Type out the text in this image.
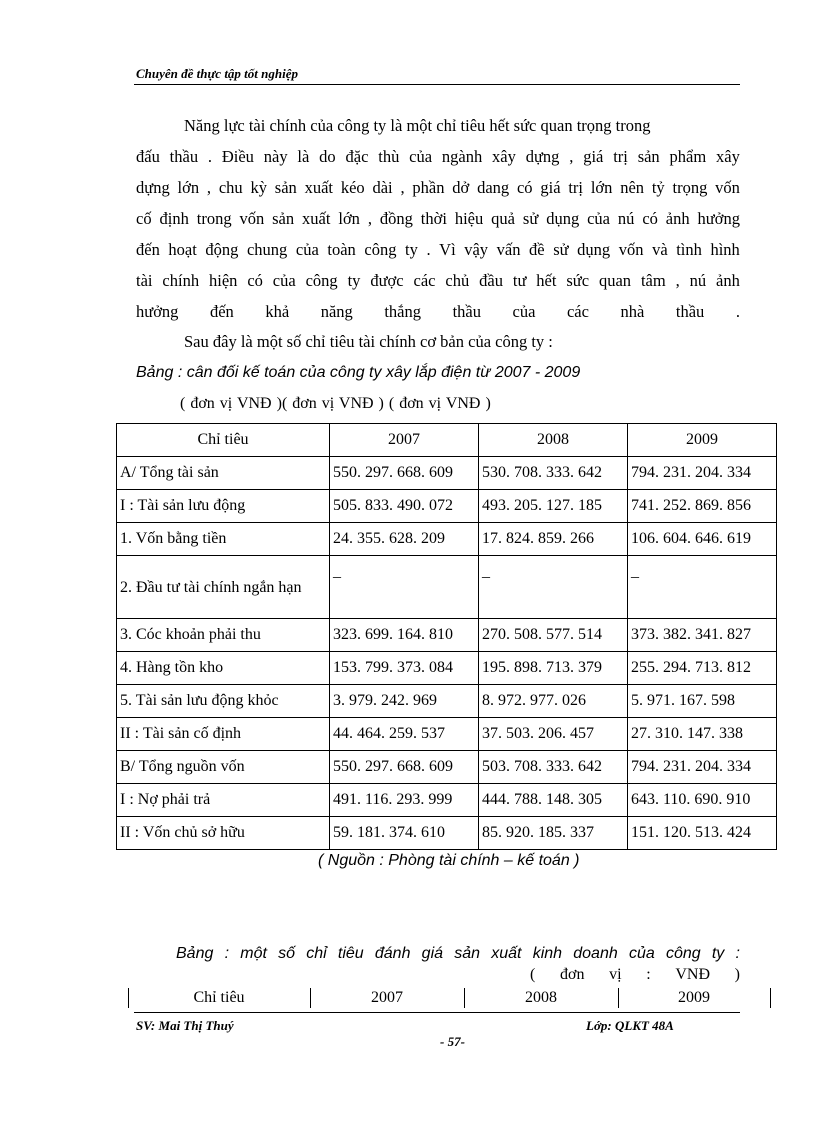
Chuyên đề thực tập tốt nghiệp
Năng lực tài chính của công ty là một chỉ tiêu hết sức quan trọng trong
đấu thầu . Điều này là do đặc thù của ngành xây dựng , giá trị sản phẩm xây
dựng lớn , chu kỳ sản xuất kéo dài , phần dở dang có giá trị lớn nên tỷ trọng vốn
cố định trong vốn sản xuất lớn , đồng thời hiệu quả sử dụng của nú có ảnh hưởng
đến hoạt động chung của toàn công ty . Vì vậy vấn đề sử dụng vốn và tình hình
tài chính hiện có của công ty được các chủ đầu tư hết sức quan tâm , nú ảnh
hưởng đến khả năng thắng thầu của các nhà thầu .
Sau đây là một số chỉ tiêu tài chính cơ bản của công ty :
Bảng : cân đối kế toán của công ty xây lắp điện từ 2007 - 2009
( đơn vị VNĐ )( đơn vị VNĐ ) ( đơn vị VNĐ )
Chỉ tiêu	2007	2008	2009
A/ Tổng tài sản	550. 297. 668. 609	530. 708. 333. 642	794. 231. 204. 334
I : Tài sản lưu động	505. 833. 490. 072	493. 205. 127. 185	741. 252. 869. 856
1. Vốn bằng tiền	24. 355. 628. 209	17. 824. 859. 266	106. 604. 646. 619
2. Đầu tư tài chính ngắn hạn	_	_	_
3. Cóc khoản phải thu	323. 699. 164. 810	270. 508. 577. 514	373. 382. 341. 827
4. Hàng tồn kho	153. 799. 373. 084	195. 898. 713. 379	255. 294. 713. 812
5. Tài sản lưu động khỏc	3. 979. 242. 969	8. 972. 977. 026	5. 971. 167. 598
II : Tài sản cố định	44. 464. 259. 537	37. 503. 206. 457	27. 310. 147. 338
B/ Tổng nguồn vốn	550. 297. 668. 609	503. 708. 333. 642	794. 231. 204. 334
I : Nợ phải trả	491. 116. 293. 999	444. 788. 148. 305	643. 110. 690. 910
II : Vốn chủ sở hữu	59. 181. 374. 610	85. 920. 185. 337	151. 120. 513. 424
( Nguồn : Phòng tài chính – kế toán )
Bảng : một số chỉ tiêu đánh giá sản xuất kinh doanh của công ty :
( đơn vị : VNĐ )
Chỉ tiêu	2007	2008	2009
SV: Mai Thị Thuý	Lớp: QLKT 48A
- 57-
